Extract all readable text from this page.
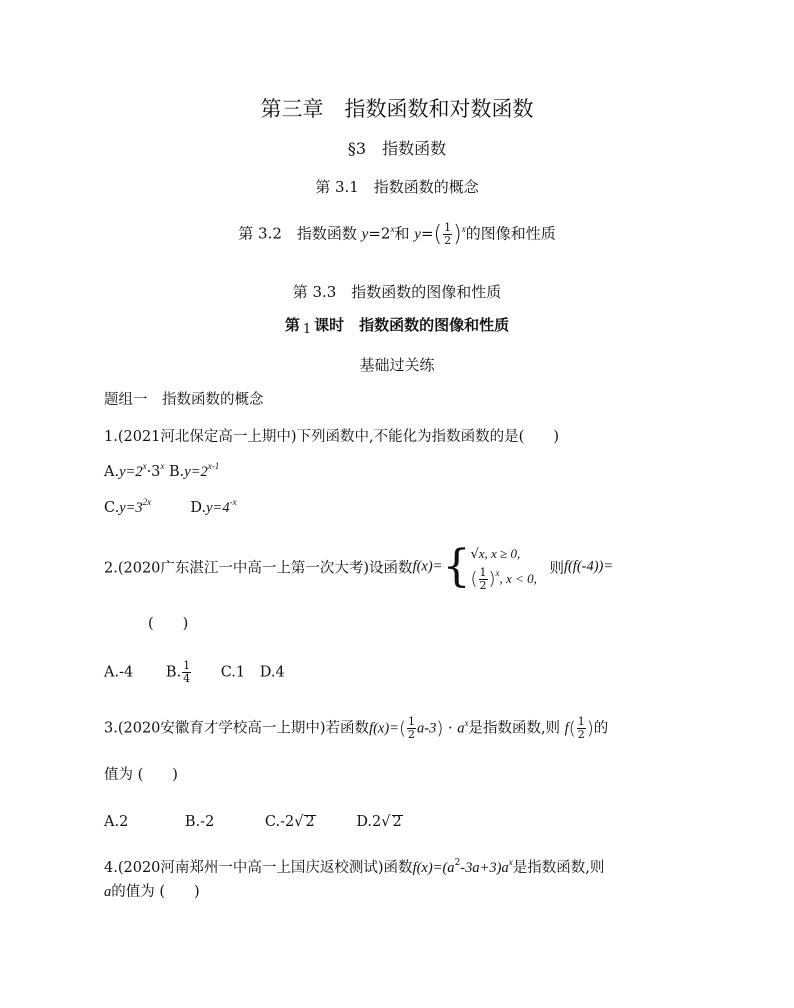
第三章　指数函数和对数函数
§3　指数函数
第 3.1　指数函数的概念
第 3.2　指数函数 $y=2^x$和 $y=( \frac{1}{2} )^x$的图像和性质
第 3.3　指数函数的图像和性质
第 1 课时　指数函数的图像和性质
基础过关练
题组一　指数函数的概念
1.(2021河北保定高一上期中)下列函数中,不能化为指数函数的是(　　)
$A.y=2^x\cdot 3^x$ $B.y=2^{x-1}$
$C.y=3^{2x}$	$D.y=4^{-x}$
2.(2020广东湛江一中高一上第一次大考)设函数f(x)={ √x, x ≥ 0,
( $\frac{1}{2} )^x$, x < 0,
则f(f(-4))=
(　　)
A.-4 B. $\frac{1}{4} C.1$ D.4
3.(2020安徽育才学校高一上期中)若函数$f(x)=( \frac{1}{2} a-3) \cdot a^x$是指数函数,则 $f( \frac{1}{2}$ )的
值为 (　　)
A.2	B.-2	C.-2√ 2	D.2√ 2
4.(2020河南郑州一中高一上国庆返校测试)函数$f(x)=(a^2-3a+3)a^x$是指数函数,则
a的值为 (　　)
